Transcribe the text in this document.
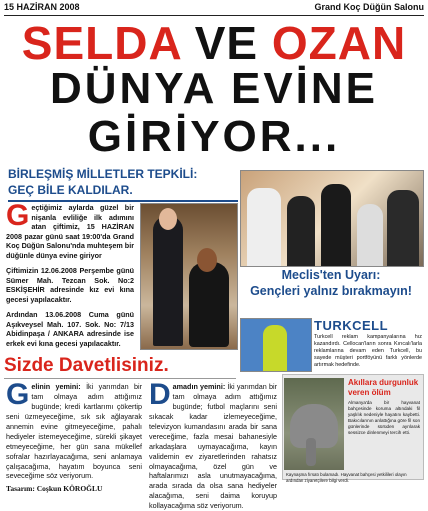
15 HAZİRAN 2008	Grand Koç Düğün Salonu
SELDA VE OZAN
DÜNYA EVİNE
GİRİYOR...
BİRLEŞMİŞ MİLLETLER TEPKİLİ:
GEÇ BİLE KALDILAR.

Geçtiğimiz aylarda güzel bir nişanla evliliğe ilk adımını atan çiftimiz, 15 HAZİRAN 2008 pazar günü saat 19:00'da Grand Koç Düğün Salonu'nda muhteşem bir düğünle dünya evine giriyor

Çiftimizin 12.06.2008 Perşembe günü Sümer Mah. Tezcan Sok. No:2 ESKİŞEHİR adresinde kız evi kına gecesi yapılacaktır.

Ardından 13.06.2008 Cuma günü Aşıkveysel Mah. 107. Sok. No: 7/13 Abidinpaşa / ANKARA adresinde ise erkek evi kına gecesi yapılacaktır.

Meclis'ten Uyarı:
Gençleri yalnız bırakmayın!
TURKCELL
Turkcell reklam kampanyalarına hız kazandırdı. Cellocan'ların sonra Kırıcalı'larla reklamlarına devam eden Turkcell, bu sayede müşteri portföyünü farklı yönlerde artırmak hedefinde.
Sizde Davetlisiniz.
Gelinin yemini: İki yarımdan bir tam olmaya adım attığımız bugünde; kredi kartlarımı çökertip seni üzmeyeceğime, sık sık ağlayarak annemin evine gitmeyeceğime, pahalı hediyeler istemeyeceğime, sürekli şikayet etmeyeceğime, her gün sana mükellef sofralar hazırlayacağıma, seni anlamaya çalışacağıma, hayatım boyunca seni seveceğime söz veriyorum.
Damadın yemini: İki yarımdan bir tam olmaya adım attığımız bugünde; futbol maçlarını seni sıkacak kadar izlemeyeceğime, televizyon kumandasını arada bir sana vereceğime, fazla mesai bahanesiyle arkadaşlara uymayacağıma, kayın validemin ev ziyaretlerinden rahatsız olmayacağıma, özel gün ve haftalarımızı asla unutmayacağıma, arada sırada da olsa sana hediyeler alacağıma, seni daima koruyup kollayacağıma söz veriyorum.
Akıllara durgunluk veren ölüm
Almanya'da bir hayvanat bahçesinde koruma altındaki fil yaşlılık nedeniyle hayatını kaybetti. Bakıcılarının anlattığına göre fil son günlerinde sürüden ayrılarak sessizce dinlenmeyi tercih etti.
Kaynaşma fırsatı bulamadı. Hayvanat bahçesi yetkilileri olayın ardından ziyaretçilere bilgi verdi.
Tasarım: Coşkun KÖROĞLU
